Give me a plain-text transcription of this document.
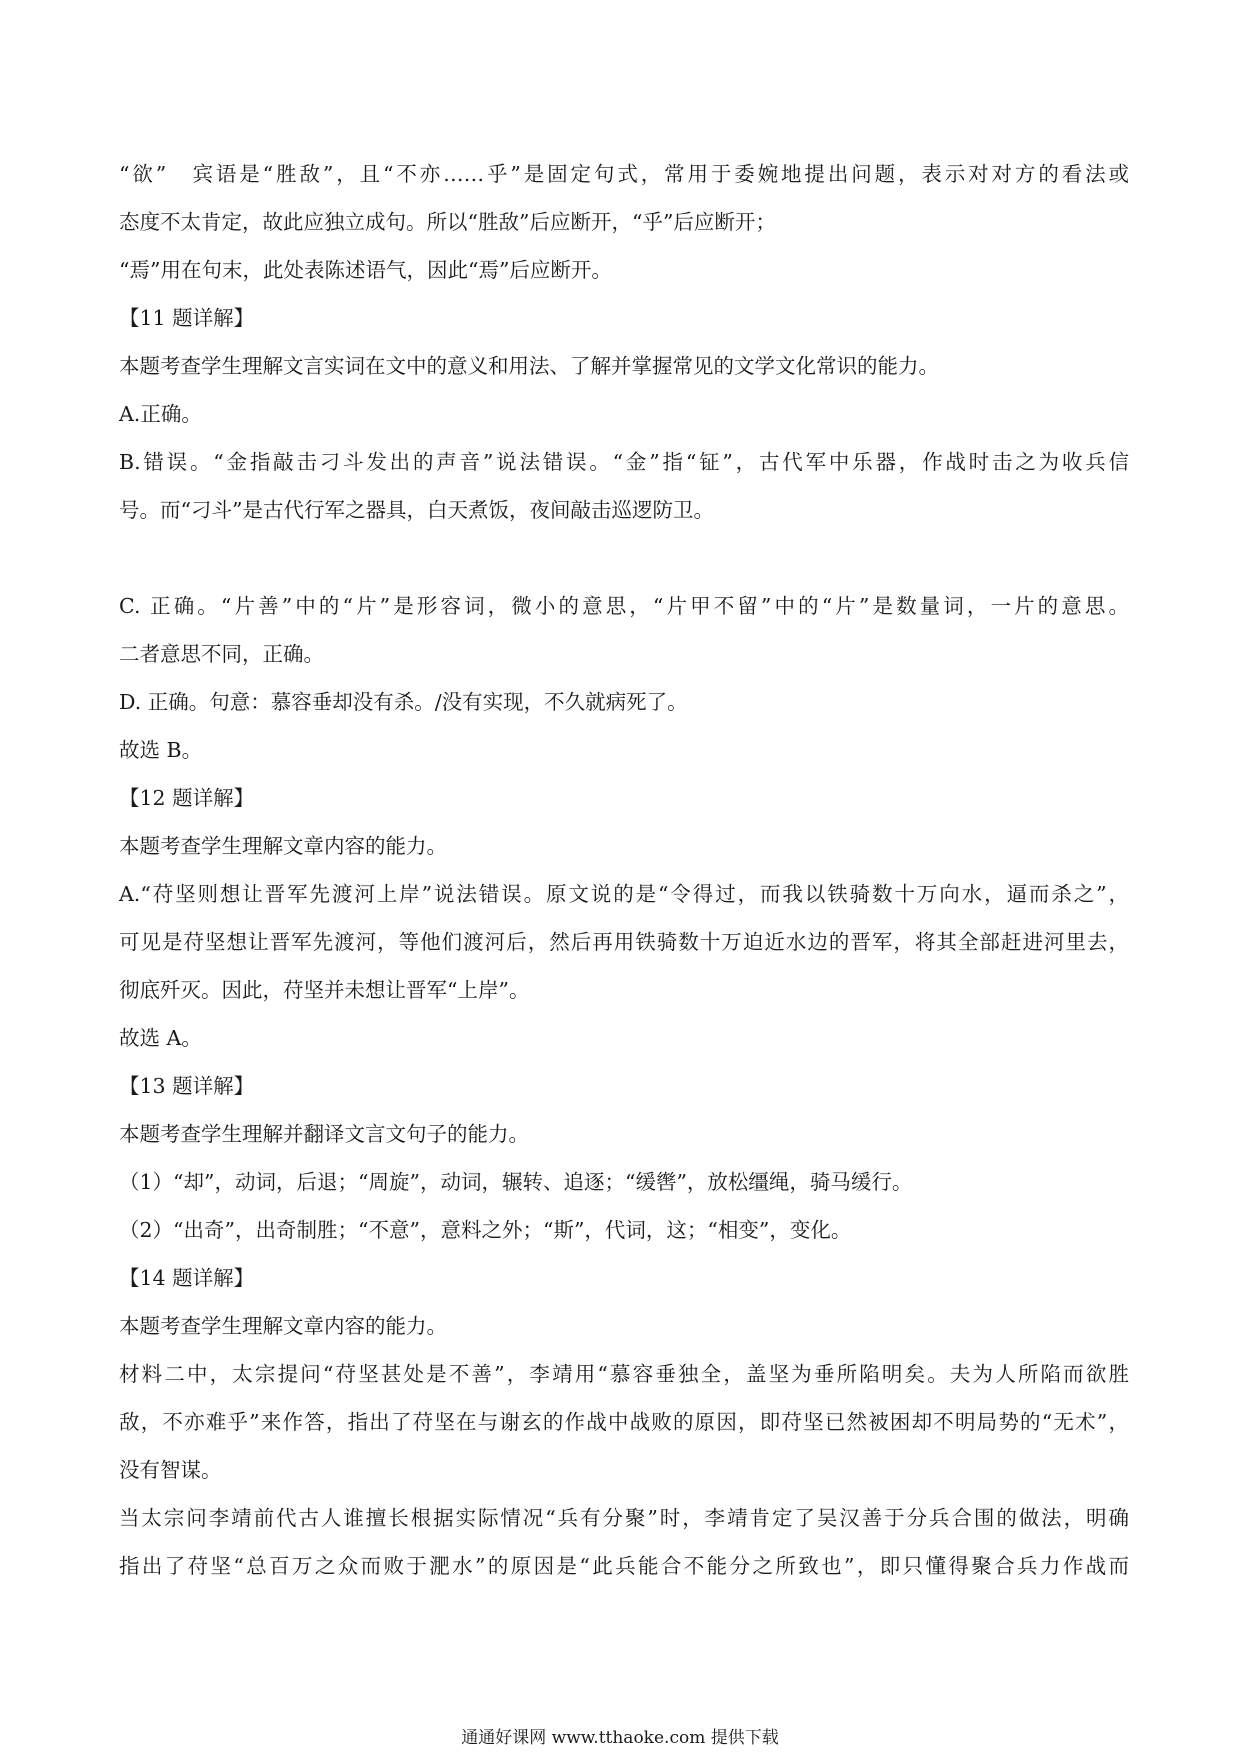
“欲”　宾语是“胜敌”，且“不亦……乎”是固定句式，常用于委婉地提出问题，表示对对方的看法或
态度不太肯定，故此应独立成句。所以“胜敌”后应断开，“乎”后应断开；
“焉”用在句末，此处表陈述语气，因此“焉”后应断开。
【11 题详解】
本题考查学生理解文言实词在文中的意义和用法、了解并掌握常见的文学文化常识的能力。
A.正确。
B.错误。“金指敲击刁斗发出的声音”说法错误。“金”指“钲”，古代军中乐器，作战时击之为收兵信
号。而“刁斗”是古代行军之器具，白天煮饭，夜间敲击巡逻防卫。
C. 正确。“片善”中的“片”是形容词，微小的意思，“片甲不留”中的“片”是数量词，一片的意思。
二者意思不同，正确。
D. 正确。句意：慕容垂却没有杀。/没有实现，不久就病死了。
故选 B。
【12 题详解】
本题考查学生理解文章内容的能力。
A.“苻坚则想让晋军先渡河上岸”说法错误。原文说的是“令得过，而我以铁骑数十万向水，逼而杀之”，
可见是苻坚想让晋军先渡河，等他们渡河后，然后再用铁骑数十万迫近水边的晋军，将其全部赶进河里去，
彻底歼灭。因此，苻坚并未想让晋军“上岸”。
故选 A。
【13 题详解】
本题考查学生理解并翻译文言文句子的能力。
（1）“却”，动词，后退；“周旋”，动词，辗转、追逐；“缓辔”，放松缰绳，骑马缓行。
（2）“出奇”，出奇制胜；“不意”，意料之外；“斯”，代词，这；“相变”，变化。
【14 题详解】
本题考查学生理解文章内容的能力。
材料二中，太宗提问“苻坚甚处是不善”，李靖用“慕容垂独全，盖坚为垂所陷明矣。夫为人所陷而欲胜
敌，不亦难乎”来作答，指出了苻坚在与谢玄的作战中战败的原因，即苻坚已然被困却不明局势的“无术”，
没有智谋。
当太宗问李靖前代古人谁擅长根据实际情况“兵有分聚”时，李靖肯定了吴汉善于分兵合围的做法，明确
指出了苻坚“总百万之众而败于淝水”的原因是“此兵能合不能分之所致也”，即只懂得聚合兵力作战而
通通好课网 www.tthaoke.com 提供下载
